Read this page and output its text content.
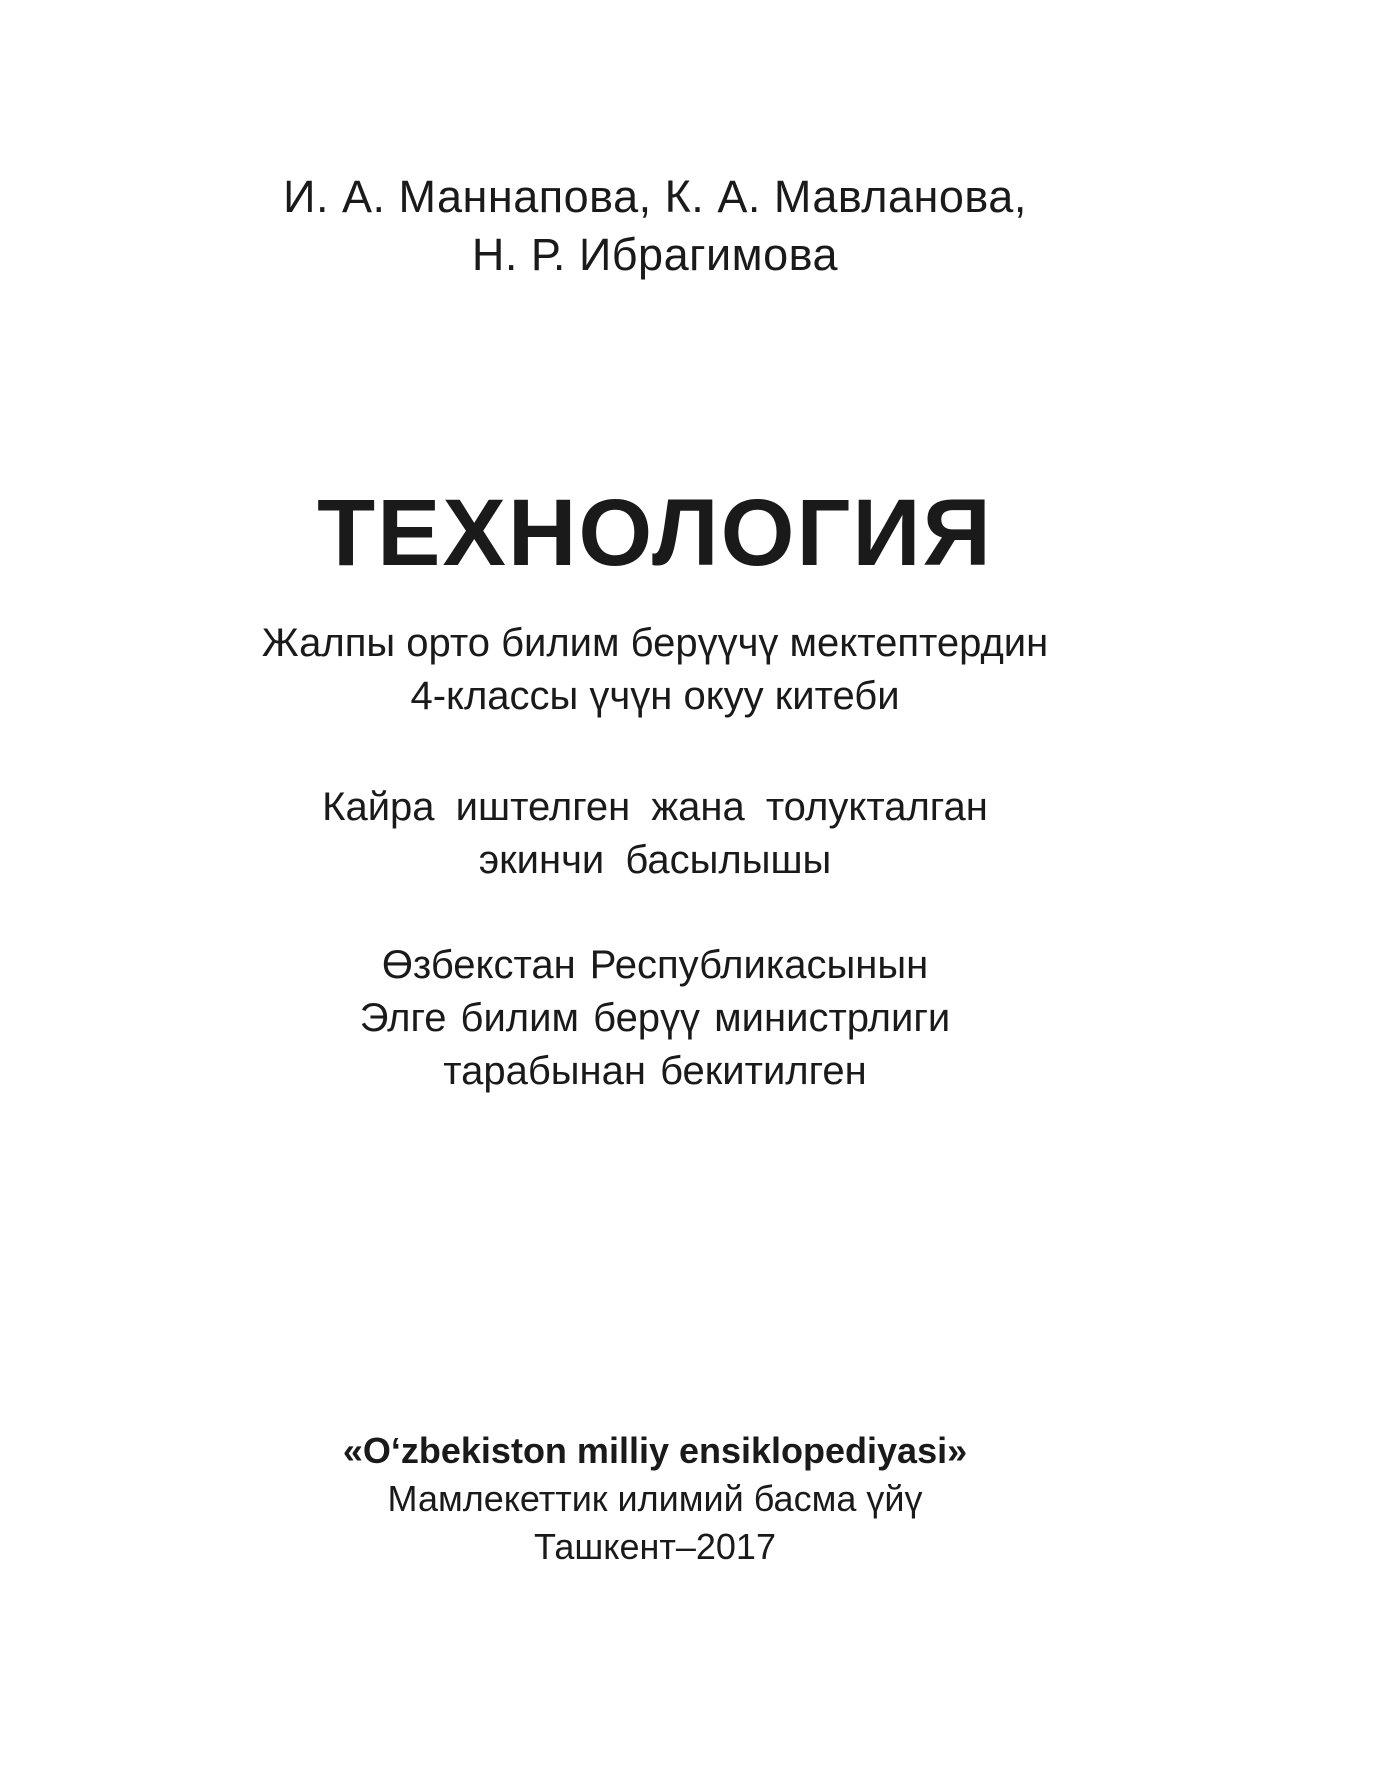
И. А. Маннапова, К. А. Мавланова,
Н. Р. Ибрагимова
ТЕХНОЛОГИЯ
Жалпы орто билим берүүчү мектептердин
4-классы үчүн окуу китеби
Кайра иштелген жана толукталган
экинчи басылышы
Өзбекстан Республикасынын
Элге билим берүү министрлиги
тарабынан бекитилген
«O‘zbekiston milliy ensiklopediyasi»
Мамлекеттик илимий басма үйү
Ташкент–2017
